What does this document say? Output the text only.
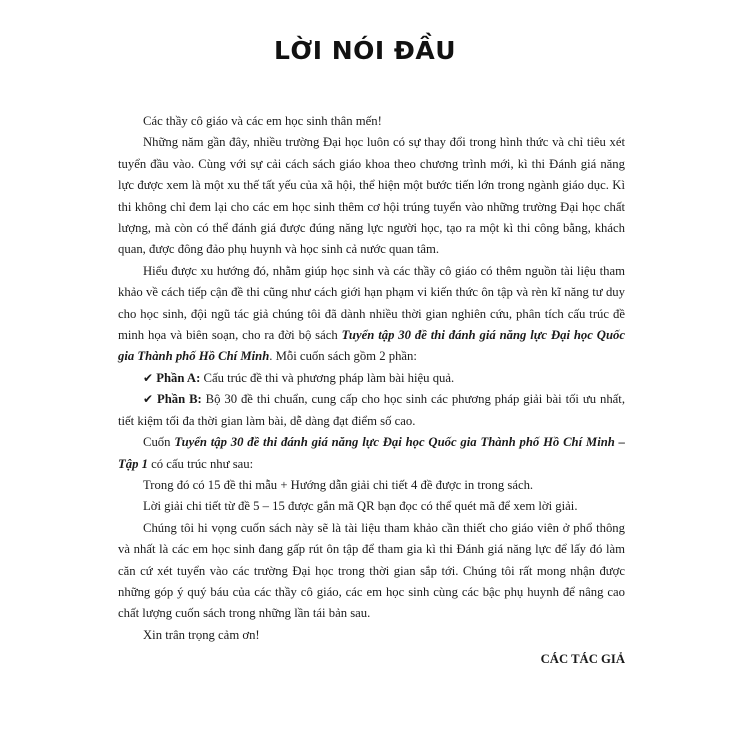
LỜI NÓI ĐẦU

Các thầy cô giáo và các em học sinh thân mến!

Những năm gần đây, nhiều trường Đại học luôn có sự thay đổi trong hình thức và chỉ tiêu xét tuyển đầu vào. Cùng với sự cải cách sách giáo khoa theo chương trình mới, kì thi Đánh giá năng lực được xem là một xu thế tất yếu của xã hội, thể hiện một bước tiến lớn trong ngành giáo dục. Kì thi không chỉ đem lại cho các em học sinh thêm cơ hội trúng tuyển vào những trường Đại học chất lượng, mà còn có thể đánh giá được đúng năng lực người học, tạo ra một kì thi công bằng, khách quan, được đông đảo phụ huynh và học sinh cả nước quan tâm.

Hiểu được xu hướng đó, nhằm giúp học sinh và các thầy cô giáo có thêm nguồn tài liệu tham khảo về cách tiếp cận đề thi cũng như cách giới hạn phạm vi kiến thức ôn tập và rèn kĩ năng tư duy cho học sinh, đội ngũ tác giả chúng tôi đã dành nhiều thời gian nghiên cứu, phân tích cấu trúc đề minh họa và biên soạn, cho ra đời bộ sách Tuyển tập 30 đề thi đánh giá năng lực Đại học Quốc gia Thành phố Hồ Chí Minh. Mỗi cuốn sách gồm 2 phần:

✔ Phần A: Cấu trúc đề thi và phương pháp làm bài hiệu quả.

✔ Phần B: Bộ 30 đề thi chuẩn, cung cấp cho học sinh các phương pháp giải bài tối ưu nhất, tiết kiệm tối đa thời gian làm bài, dễ dàng đạt điểm số cao.

Cuốn Tuyển tập 30 đề thi đánh giá năng lực Đại học Quốc gia Thành phố Hồ Chí Minh – Tập 1 có cấu trúc như sau:

Trong đó có 15 đề thi mẫu + Hướng dẫn giải chi tiết 4 đề được in trong sách.

Lời giải chi tiết từ đề 5 – 15 được gắn mã QR bạn đọc có thể quét mã để xem lời giải.

Chúng tôi hi vọng cuốn sách này sẽ là tài liệu tham khảo cần thiết cho giáo viên ở phổ thông và nhất là các em học sinh đang gấp rút ôn tập để tham gia kì thi Đánh giá năng lực để lấy đó làm căn cứ xét tuyển vào các trường Đại học trong thời gian sắp tới. Chúng tôi rất mong nhận được những góp ý quý báu của các thầy cô giáo, các em học sinh cùng các bậc phụ huynh để nâng cao chất lượng cuốn sách trong những lần tái bản sau.

Xin trân trọng cảm ơn!

CÁC TÁC GIẢ
